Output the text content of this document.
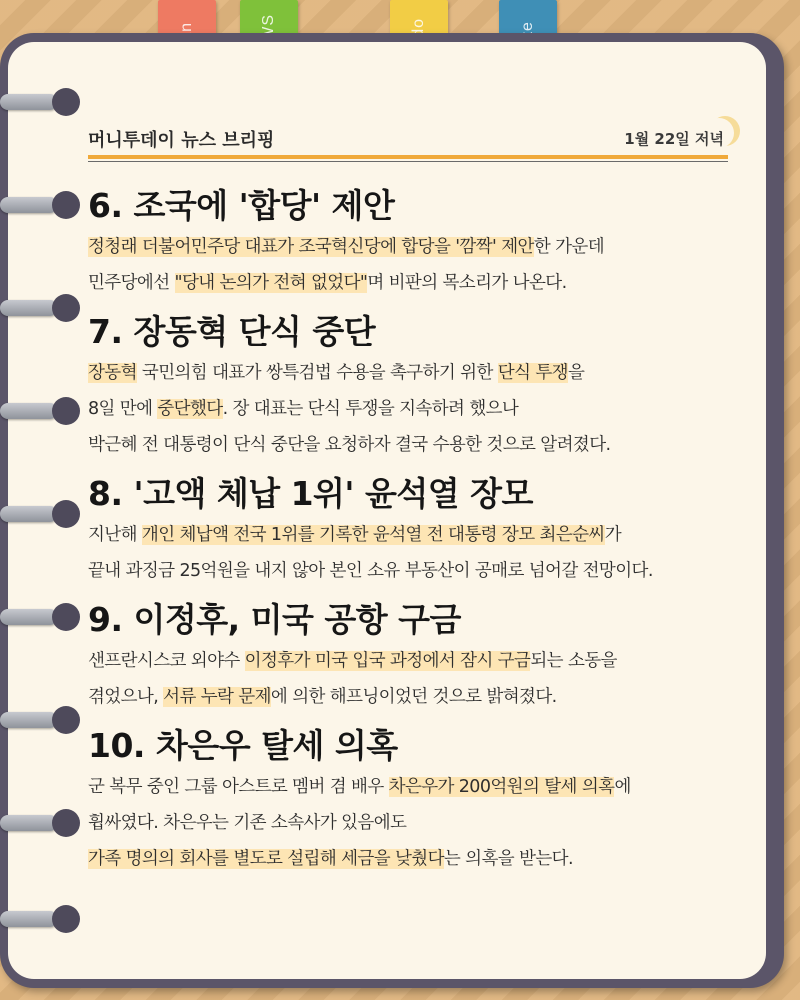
머니투데이 뉴스 브리핑	1월 22일 저녁
6. 조국에 '합당' 제안

정청래 더불어민주당 대표가 조국혁신당에 합당을 '깜짝' 제안한 가운데

민주당에선 "당내 논의가 전혀 없었다"며 비판의 목소리가 나온다.

7. 장동혁 단식 중단

장동혁 국민의힘 대표가 쌍특검법 수용을 촉구하기 위한 단식 투쟁을

8일 만에 중단했다. 장 대표는 단식 투쟁을 지속하려 했으나

박근혜 전 대통령이 단식 중단을 요청하자 결국 수용한 것으로 알려졌다.

8. '고액 체납 1위' 윤석열 장모

지난해 개인 체납액 전국 1위를 기록한 윤석열 전 대통령 장모 최은순씨가

끝내 과징금 25억원을 내지 않아 본인 소유 부동산이 공매로 넘어갈 전망이다.

9. 이정후, 미국 공항 구금

샌프란시스코 외야수 이정후가 미국 입국 과정에서 잠시 구금되는 소동을

겪었으나, 서류 누락 문제에 의한 해프닝이었던 것으로 밝혀졌다.

10. 차은우 탈세 의혹

군 복무 중인 그룹 아스트로 멤버 겸 배우 차은우가 200억원의 탈세 의혹에

휩싸였다. 차은우는 기존 소속사가 있음에도

가족 명의의 회사를 별도로 설립해 세금을 낮췄다는 의혹을 받는다.
